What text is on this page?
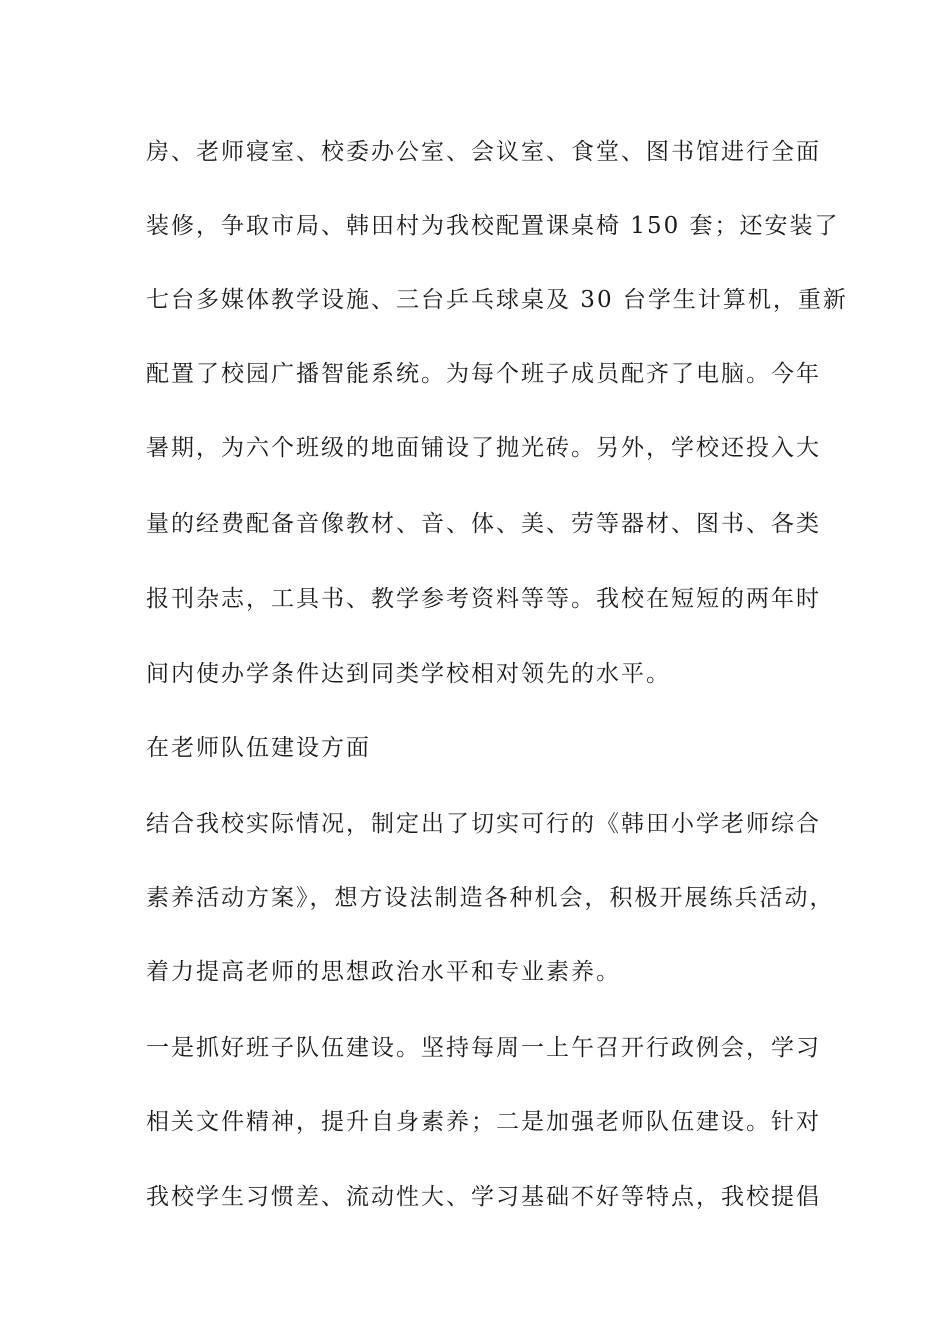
房、老师寝室、校委办公室、会议室、食堂、图书馆进行全面
装修，争取市局、韩田村为我校配置课桌椅 150 套；还安装了
七台多媒体教学设施、三台乒乓球桌及 30 台学生计算机，重新
配置了校园广播智能系统。为每个班子成员配齐了电脑。今年
暑期，为六个班级的地面铺设了抛光砖。另外，学校还投入大
量的经费配备音像教材、音、体、美、劳等器材、图书、各类
报刊杂志，工具书、教学参考资料等等。我校在短短的两年时
间内使办学条件达到同类学校相对领先的水平。
在老师队伍建设方面
结合我校实际情况，制定出了切实可行的《韩田小学老师综合
素养活动方案》，想方设法制造各种机会，积极开展练兵活动，
着力提高老师的思想政治水平和专业素养。
一是抓好班子队伍建设。坚持每周一上午召开行政例会，学习
相关文件精神，提升自身素养；二是加强老师队伍建设。针对
我校学生习惯差、流动性大、学习基础不好等特点，我校提倡
